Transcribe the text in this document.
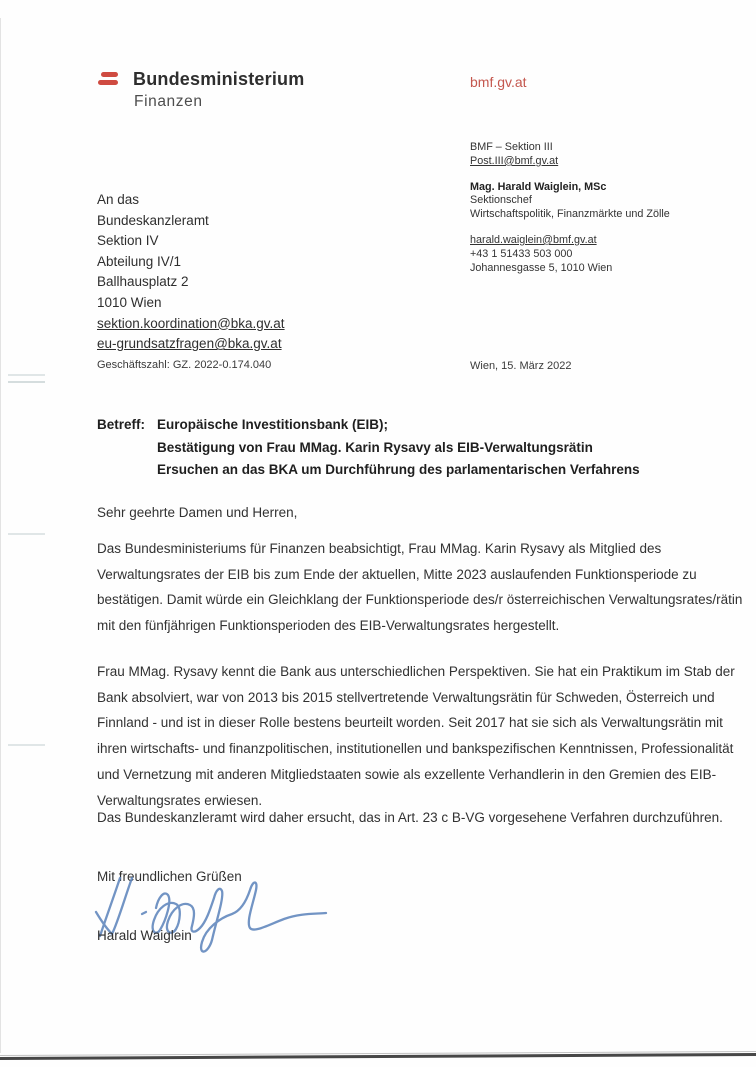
Bundesministerium
Finanzen
bmf.gv.at
BMF – Sektion III
Post.III@bmf.gv.at
Mag. Harald Waiglein, MSc
Sektionschef
Wirtschaftspolitik, Finanzmärkte und Zölle
harald.waiglein@bmf.gv.at
+43 1 51433 503 000
Johannesgasse 5, 1010 Wien
An das
Bundeskanzleramt
Sektion IV
Abteilung IV/1
Ballhausplatz 2
1010 Wien
sektion.koordination@bka.gv.at
eu-grundsatzfragen@bka.gv.at
Geschäftszahl: GZ. 2022-0.174.040	Wien, 15. März 2022
Betreff: Europäische Investitionsbank (EIB);
Bestätigung von Frau MMag. Karin Rysavy als EIB-Verwaltungsrätin
Ersuchen an das BKA um Durchführung des parlamentarischen Verfahrens
Sehr geehrte Damen und Herren,
Das Bundesministeriums für Finanzen beabsichtigt, Frau MMag. Karin Rysavy als Mitglied des Verwaltungsrates der EIB bis zum Ende der aktuellen, Mitte 2023 auslaufenden Funktionsperiode zu bestätigen. Damit würde ein Gleichklang der Funktionsperiode des/r österreichischen Verwaltungsrates/rätin mit den fünfjährigen Funktionsperioden des EIB-Verwaltungsrates hergestellt.
Frau MMag. Rysavy kennt die Bank aus unterschiedlichen Perspektiven. Sie hat ein Praktikum im Stab der Bank absolviert, war von 2013 bis 2015 stellvertretende Verwaltungsrätin für Schweden, Österreich und Finnland - und ist in dieser Rolle bestens beurteilt worden. Seit 2017 hat sie sich als Verwaltungsrätin mit ihren wirtschafts- und finanzpolitischen, institutionellen und bankspezifischen Kenntnissen, Professionalität und Vernetzung mit anderen Mitgliedstaaten sowie als exzellente Verhandlerin in den Gremien des EIB-Verwaltungsrates erwiesen.
Das Bundeskanzleramt wird daher ersucht, das in Art. 23 c B-VG vorgesehene Verfahren durchzuführen.
Mit freundlichen Grüßen
Harald Waiglein
